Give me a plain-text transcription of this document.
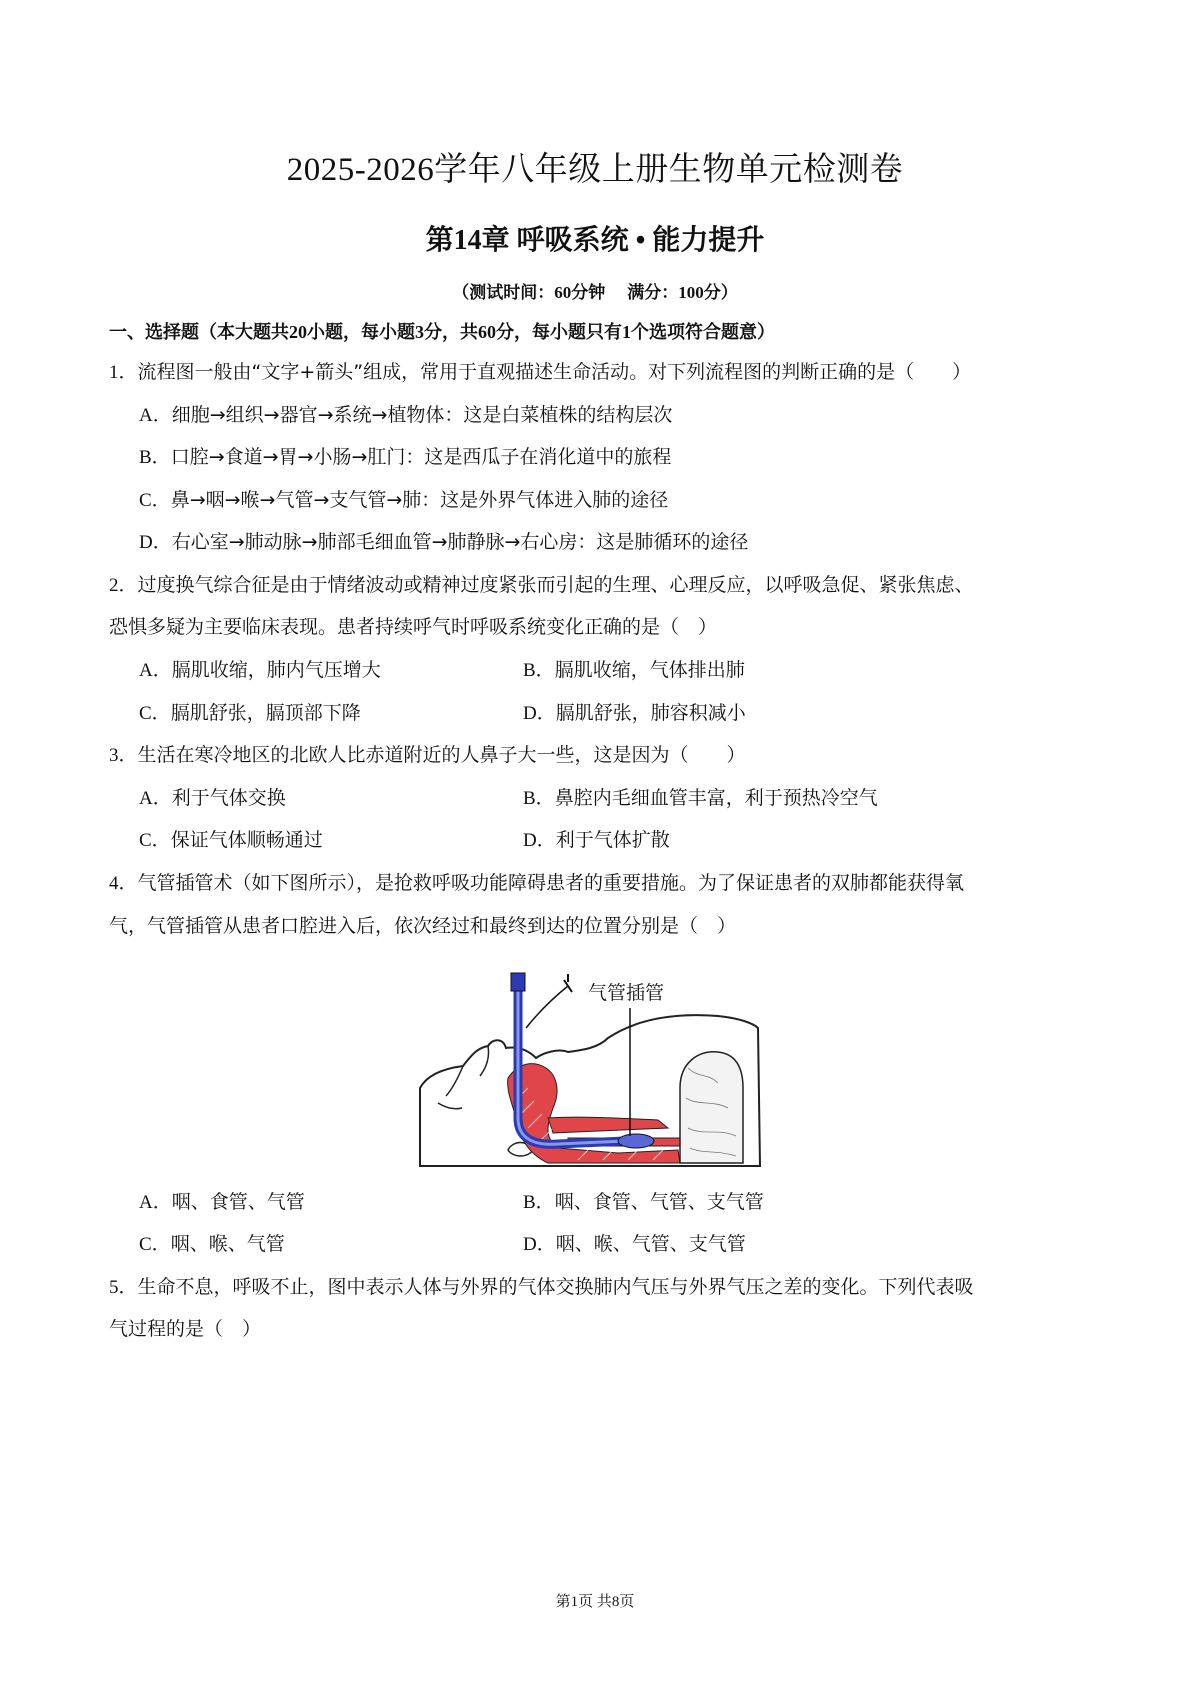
2025-2026学年八年级上册生物单元检测卷
第14章 呼吸系统 • 能力提升
（测试时间：60分钟 满分：100分）
一、选择题（本大题共20小题，每小题3分，共60分，每小题只有1个选项符合题意）
1．流程图一般由“文字+箭头”组成，常用于直观描述生命活动。对下列流程图的判断正确的是（　　）
A．细胞→组织→器官→系统→植物体：这是白菜植株的结构层次
B．口腔→食道→胃→小肠→肛门：这是西瓜子在消化道中的旅程
C．鼻→咽→喉→气管→支气管→肺：这是外界气体进入肺的途径
D．右心室→肺动脉→肺部毛细血管→肺静脉→右心房：这是肺循环的途径
2．过度换气综合征是由于情绪波动或精神过度紧张而引起的生理、心理反应，以呼吸急促、紧张焦虑、
恐惧多疑为主要临床表现。患者持续呼气时呼吸系统变化正确的是（　）
A．膈肌收缩，肺内气压增大	B．膈肌收缩，气体排出肺
C．膈肌舒张，膈顶部下降	D．膈肌舒张，肺容积减小
3．生活在寒冷地区的北欧人比赤道附近的人鼻子大一些，这是因为（　　）
A．利于气体交换	B．鼻腔内毛细血管丰富，利于预热冷空气
C．保证气体顺畅通过	D．利于气体扩散
4．气管插管术（如下图所示），是抢救呼吸功能障碍患者的重要措施。为了保证患者的双肺都能获得氧
气，气管插管从患者口腔进入后，依次经过和最终到达的位置分别是（　）
气管插管
A．咽、食管、气管	B．咽、食管、气管、支气管
C．咽、喉、气管	D．咽、喉、气管、支气管
5．生命不息，呼吸不止，图中表示人体与外界的气体交换肺内气压与外界气压之差的变化。下列代表吸
气过程的是（　）
第1页 共8页
